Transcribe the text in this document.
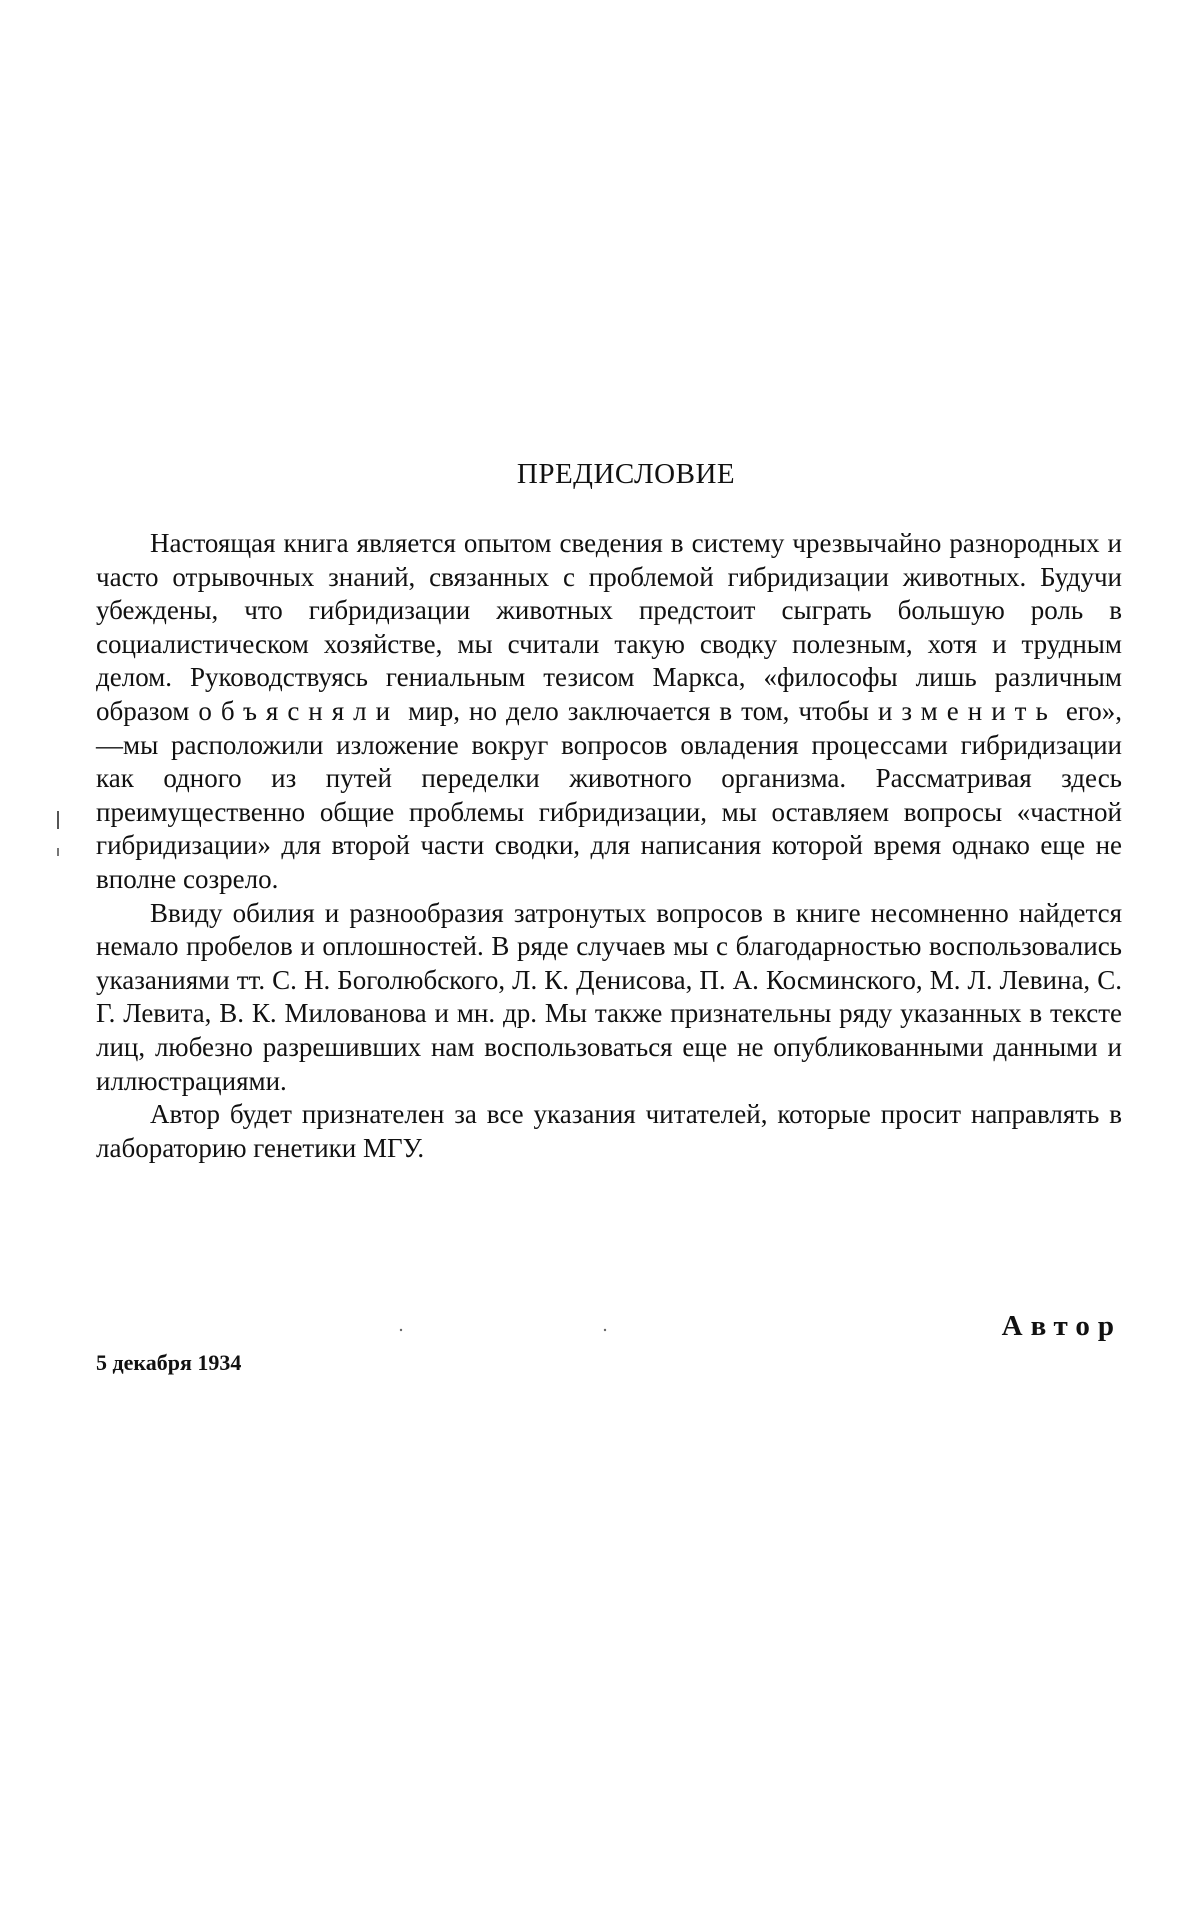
ПРЕДИСЛОВИЕ

Настоящая книга является опытом сведения в систему чрезвычайно разнородных и часто отрывочных знаний, связанных с проблемой гибридизации животных. Будучи убеждены, что гибридизации животных предстоит сыграть большую роль в социалистическом хозяйстве, мы считали такую сводку полезным, хотя и трудным делом. Руководствуясь гениальным тезисом Маркса, «философы лишь различным образом объясняли мир, но дело заключается в том, чтобы изменить его»,—мы расположили изложение вокруг вопросов овладения процессами гибридизации как одного из путей переделки животного организма. Рассматривая здесь преимущественно общие проблемы гибридизации, мы оставляем вопросы «частной гибридизации» для второй части сводки, для написания которой время однако еще не вполне созрело.

Ввиду обилия и разнообразия затронутых вопросов в книге несомненно найдется немало пробелов и оплошностей. В ряде случаев мы с благодарностью воспользовались указаниями тт. С. Н. Боголюбского, Л. К. Денисова, П. А. Косминского, М. Л. Левина, С. Г. Левита, В. К. Милованова и мн. др. Мы также признательны ряду указанных в тексте лиц, любезно разрешивших нам воспользоваться еще не опубликованными данными и иллюстрациями.

Автор будет признателен за все указания читателей, которые просит направлять в лабораторию генетики МГУ.

Автор
5 декабря 1934
